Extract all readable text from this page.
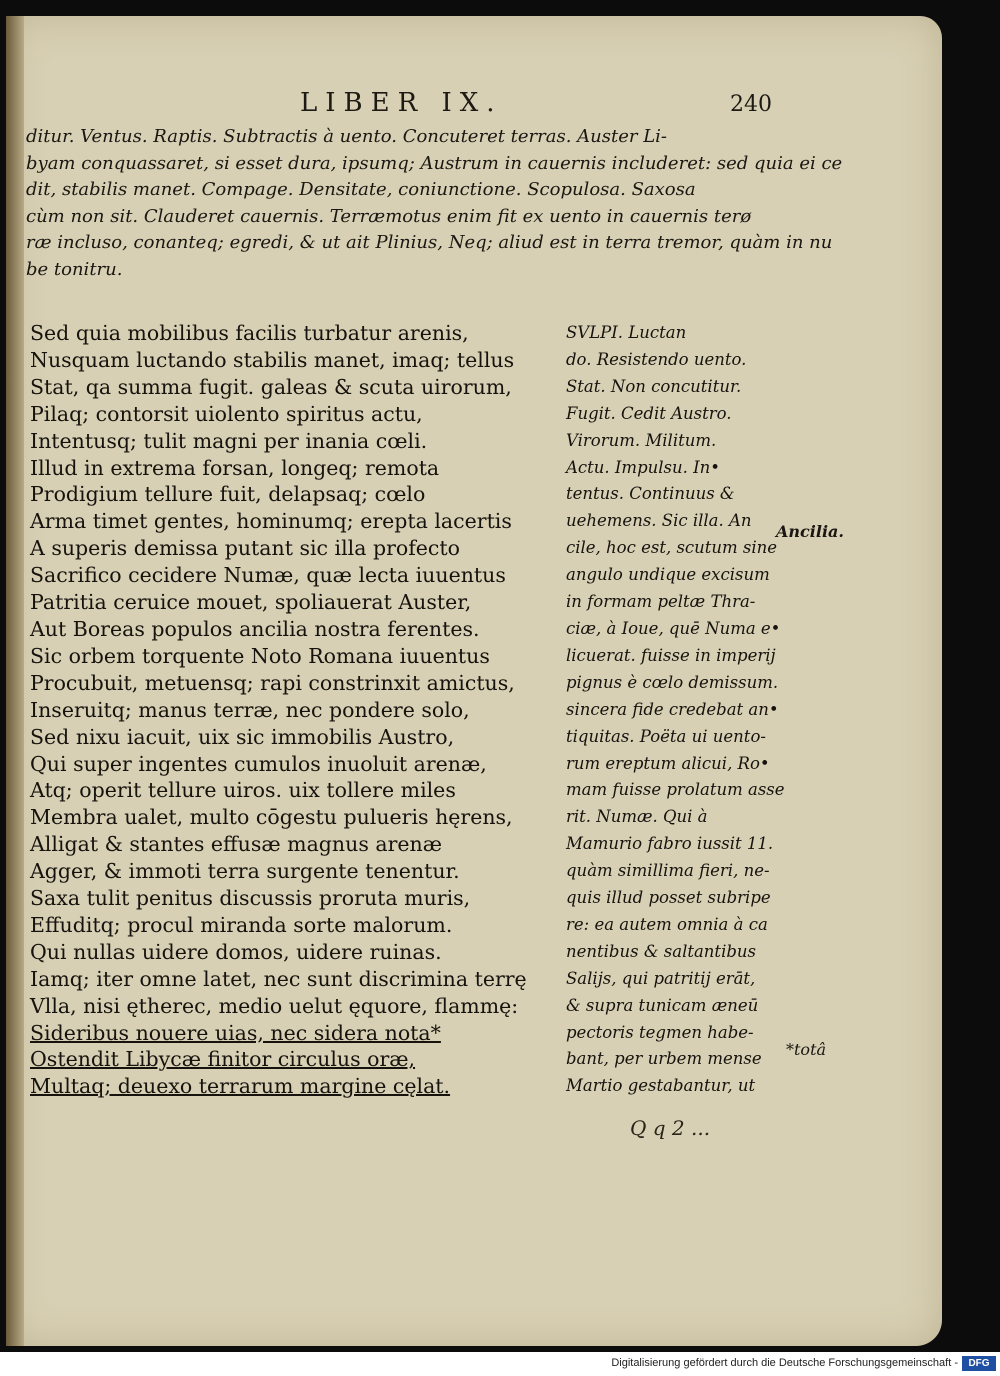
LIBER IX.	240
ditur. Ventus. Raptis. Subtractis à uento. Concuteret terras. Auster Li-
byam conquassaret, si esset dura, ipsumq; Austrum in cauernis includeret: sed quia ei ce
dit, stabilis manet. Compage. Densitate, coniunctione. Scopulosa. Saxosa
cùm non sit. Clauderet cauernis. Terræmotus enim fit ex uento in cauernis terø
ræ incluso, conanteq; egredi, & ut ait Plinius, Neq; aliud est in terra tremor, quàm in nu
be tonitru.
Sed quia mobilibus facilis turbatur arenis,
Nusquam luctando stabilis manet, imaq; tellus
Stat, qa summa fugit. galeas & scuta uirorum,
Pilaq; contorsit uiolento spiritus actu,
Intentusq; tulit magni per inania cœli.
Illud in extrema forsan, longeq; remota
Prodigium tellure fuit, delapsaq; cœlo
Arma timet gentes, hominumq; erepta lacertis
A superis demissa putant sic illa profecto
Sacrifico cecidere Numæ, quæ lecta iuuentus
Patritia ceruice mouet, spoliauerat Auster,
Aut Boreas populos ancilia nostra ferentes.
Sic orbem torquente Noto Romana iuuentus
Procubuit, metuensq; rapi constrinxit amictus,
Inseruitq; manus terræ, nec pondere solo,
Sed nixu iacuit, uix sic immobilis Austro,
Qui super ingentes cumulos inuoluit arenæ,
Atq; operit tellure uiros. uix tollere miles
Membra ualet, multo cōgestu pulueris hęrens,
Alligat & stantes effusæ magnus arenæ
Agger, & immoti terra surgente tenentur.
Saxa tulit penitus discussis proruta muris,
Effuditq; procul miranda sorte malorum.
Qui nullas uidere domos, uidere ruinas.
Iamq; iter omne latet, nec sunt discrimina terrę
Vlla, nisi ętherec, medio uelut ęquore, flammę:
Sideribus nouere uias, nec sidera nota*
Ostendit Libycæ finitor circulus oræ,
Multaq; deuexo terrarum margine cęlat.
SVLPI. Luctan
do. Resistendo uento.
Stat. Non concutitur.
Fugit. Cedit Austro.
Virorum. Militum.
Actu. Impulsu. In•
tentus. Continuus &
uehemens. Sic illa. An
cile, hoc est, scutum sine
angulo undique excisum
in formam peltæ Thra-
ciæ, à Ioue, quē Numa e•
licuerat. fuisse in imperij
pignus è cœlo demissum.
sincera fide credebat an•
tiquitas. Poëta ui uento-
rum ereptum alicui, Ro•
mam fuisse prolatum asse
rit. Numæ. Qui à
Mamurio fabro iussit 11.
quàm simillima fieri, ne-
quis illud posset subripe
re: ea autem omnia à ca
nentibus & saltantibus
Salijs, qui patritij erāt,
& supra tunicam æneū
pectoris tegmen habe-
bant, per urbem mense
Martio gestabantur, ut
Ancilia.
*totâ
Q q 2 ...
Digitalisierung gefördert durch die Deutsche Forschungsgemeinschaft -	DFG
